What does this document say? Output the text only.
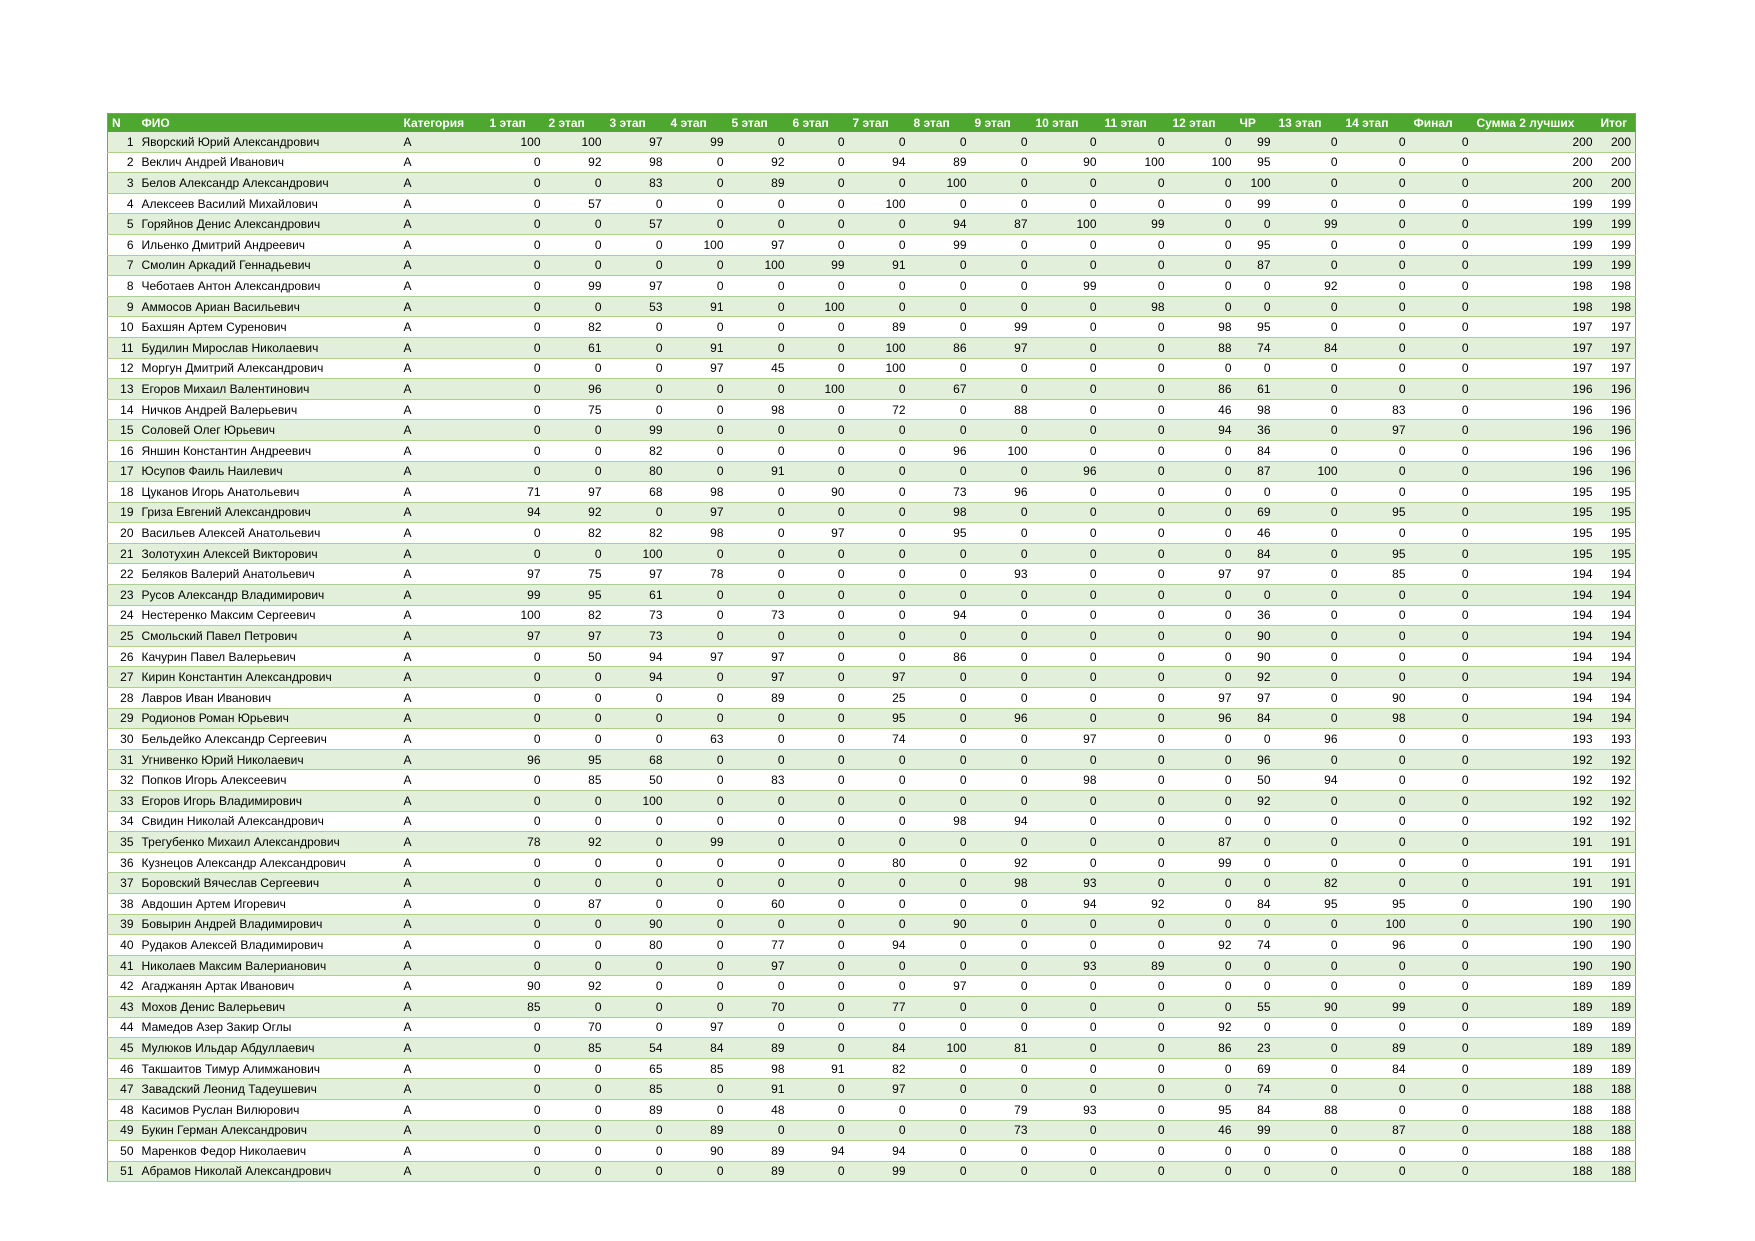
N	ФИО	Категория	1 этап	2 этап	3 этап	4 этап	5 этап	6 этап	7 этап	8 этап	9 этап	10 этап	11 этап	12 этап	ЧР	13 этап	14 этап	Финал	Сумма 2 лучших	Итог
1	Яворский Юрий Александрович	A	100	100	97	99	0	0	0	0	0	0	0	0	99	0	0	0	200	200
2	Веклич Андрей Иванович	A	0	92	98	0	92	0	94	89	0	90	100	100	95	0	0	0	200	200
3	Белов Александр Александрович	A	0	0	83	0	89	0	0	100	0	0	0	0	100	0	0	0	200	200
4	Алексеев Василий Михайлович	A	0	57	0	0	0	0	100	0	0	0	0	0	99	0	0	0	199	199
5	Горяйнов Денис Александрович	A	0	0	57	0	0	0	0	94	87	100	99	0	0	99	0	0	199	199
6	Ильенко Дмитрий Андреевич	A	0	0	0	100	97	0	0	99	0	0	0	0	95	0	0	0	199	199
7	Смолин Аркадий Геннадьевич	A	0	0	0	0	100	99	91	0	0	0	0	0	87	0	0	0	199	199
8	Чеботаев Антон Александрович	A	0	99	97	0	0	0	0	0	0	99	0	0	0	92	0	0	198	198
9	Аммосов Ариан Васильевич	A	0	0	53	91	0	100	0	0	0	0	98	0	0	0	0	0	198	198
10	Бахшян Артем Суренович	A	0	82	0	0	0	0	89	0	99	0	0	98	95	0	0	0	197	197
11	Будилин Мирослав Николаевич	A	0	61	0	91	0	0	100	86	97	0	0	88	74	84	0	0	197	197
12	Моргун Дмитрий Александрович	A	0	0	0	97	45	0	100	0	0	0	0	0	0	0	0	0	197	197
13	Егоров Михаил Валентинович	A	0	96	0	0	0	100	0	67	0	0	0	86	61	0	0	0	196	196
14	Ничков Андрей Валерьевич	A	0	75	0	0	98	0	72	0	88	0	0	46	98	0	83	0	196	196
15	Соловей Олег Юрьевич	A	0	0	99	0	0	0	0	0	0	0	0	94	36	0	97	0	196	196
16	Яншин Константин Андреевич	A	0	0	82	0	0	0	0	96	100	0	0	0	84	0	0	0	196	196
17	Юсупов Фаиль Наилевич	A	0	0	80	0	91	0	0	0	0	96	0	0	87	100	0	0	196	196
18	Цуканов Игорь Анатольевич	A	71	97	68	98	0	90	0	73	96	0	0	0	0	0	0	0	195	195
19	Гриза Евгений Александрович	A	94	92	0	97	0	0	0	98	0	0	0	0	69	0	95	0	195	195
20	Васильев Алексей Анатольевич	A	0	82	82	98	0	97	0	95	0	0	0	0	46	0	0	0	195	195
21	Золотухин Алексей Викторович	A	0	0	100	0	0	0	0	0	0	0	0	0	84	0	95	0	195	195
22	Беляков Валерий Анатольевич	A	97	75	97	78	0	0	0	0	93	0	0	97	97	0	85	0	194	194
23	Русов Александр Владимирович	A	99	95	61	0	0	0	0	0	0	0	0	0	0	0	0	0	194	194
24	Нестеренко Максим Сергеевич	A	100	82	73	0	73	0	0	94	0	0	0	0	36	0	0	0	194	194
25	Смольский Павел Петрович	A	97	97	73	0	0	0	0	0	0	0	0	0	90	0	0	0	194	194
26	Качурин Павел Валерьевич	A	0	50	94	97	97	0	0	86	0	0	0	0	90	0	0	0	194	194
27	Кирин Константин Александрович	A	0	0	94	0	97	0	97	0	0	0	0	0	92	0	0	0	194	194
28	Лавров Иван Иванович	A	0	0	0	0	89	0	25	0	0	0	0	97	97	0	90	0	194	194
29	Родионов Роман Юрьевич	A	0	0	0	0	0	0	95	0	96	0	0	96	84	0	98	0	194	194
30	Бельдейко Александр Сергеевич	A	0	0	0	63	0	0	74	0	0	97	0	0	0	96	0	0	193	193
31	Угнивенко Юрий Николаевич	A	96	95	68	0	0	0	0	0	0	0	0	0	96	0	0	0	192	192
32	Попков Игорь Алексеевич	A	0	85	50	0	83	0	0	0	0	98	0	0	50	94	0	0	192	192
33	Егоров Игорь Владимирович	A	0	0	100	0	0	0	0	0	0	0	0	0	92	0	0	0	192	192
34	Свидин Николай Александрович	A	0	0	0	0	0	0	0	98	94	0	0	0	0	0	0	0	192	192
35	Трегубенко Михаил Александрович	A	78	92	0	99	0	0	0	0	0	0	0	87	0	0	0	0	191	191
36	Кузнецов Александр Александрович	A	0	0	0	0	0	0	80	0	92	0	0	99	0	0	0	0	191	191
37	Боровский Вячеслав Сергеевич	A	0	0	0	0	0	0	0	0	98	93	0	0	0	82	0	0	191	191
38	Авдошин Артем Игоревич	A	0	87	0	0	60	0	0	0	0	94	92	0	84	95	95	0	190	190
39	Бовырин Андрей Владимирович	A	0	0	90	0	0	0	0	90	0	0	0	0	0	0	100	0	190	190
40	Рудаков Алексей Владимирович	A	0	0	80	0	77	0	94	0	0	0	0	92	74	0	96	0	190	190
41	Николаев Максим Валерианович	A	0	0	0	0	97	0	0	0	0	93	89	0	0	0	0	0	190	190
42	Агаджанян Артак Иванович	A	90	92	0	0	0	0	0	97	0	0	0	0	0	0	0	0	189	189
43	Мохов Денис Валерьевич	A	85	0	0	0	70	0	77	0	0	0	0	0	55	90	99	0	189	189
44	Мамедов Азер Закир Оглы	A	0	70	0	97	0	0	0	0	0	0	0	92	0	0	0	0	189	189
45	Мулюков Ильдар Абдуллаевич	A	0	85	54	84	89	0	84	100	81	0	0	86	23	0	89	0	189	189
46	Такшаитов Тимур Алимжанович	A	0	0	65	85	98	91	82	0	0	0	0	0	69	0	84	0	189	189
47	Завадский Леонид Тадеушевич	A	0	0	85	0	91	0	97	0	0	0	0	0	74	0	0	0	188	188
48	Касимов Руслан Вилюрович	A	0	0	89	0	48	0	0	0	79	93	0	95	84	88	0	0	188	188
49	Букин Герман Александрович	A	0	0	0	89	0	0	0	0	73	0	0	46	99	0	87	0	188	188
50	Маренков Федор Николаевич	A	0	0	0	90	89	94	94	0	0	0	0	0	0	0	0	0	188	188
51	Абрамов Николай Александрович	A	0	0	0	0	89	0	99	0	0	0	0	0	0	0	0	0	188	188
